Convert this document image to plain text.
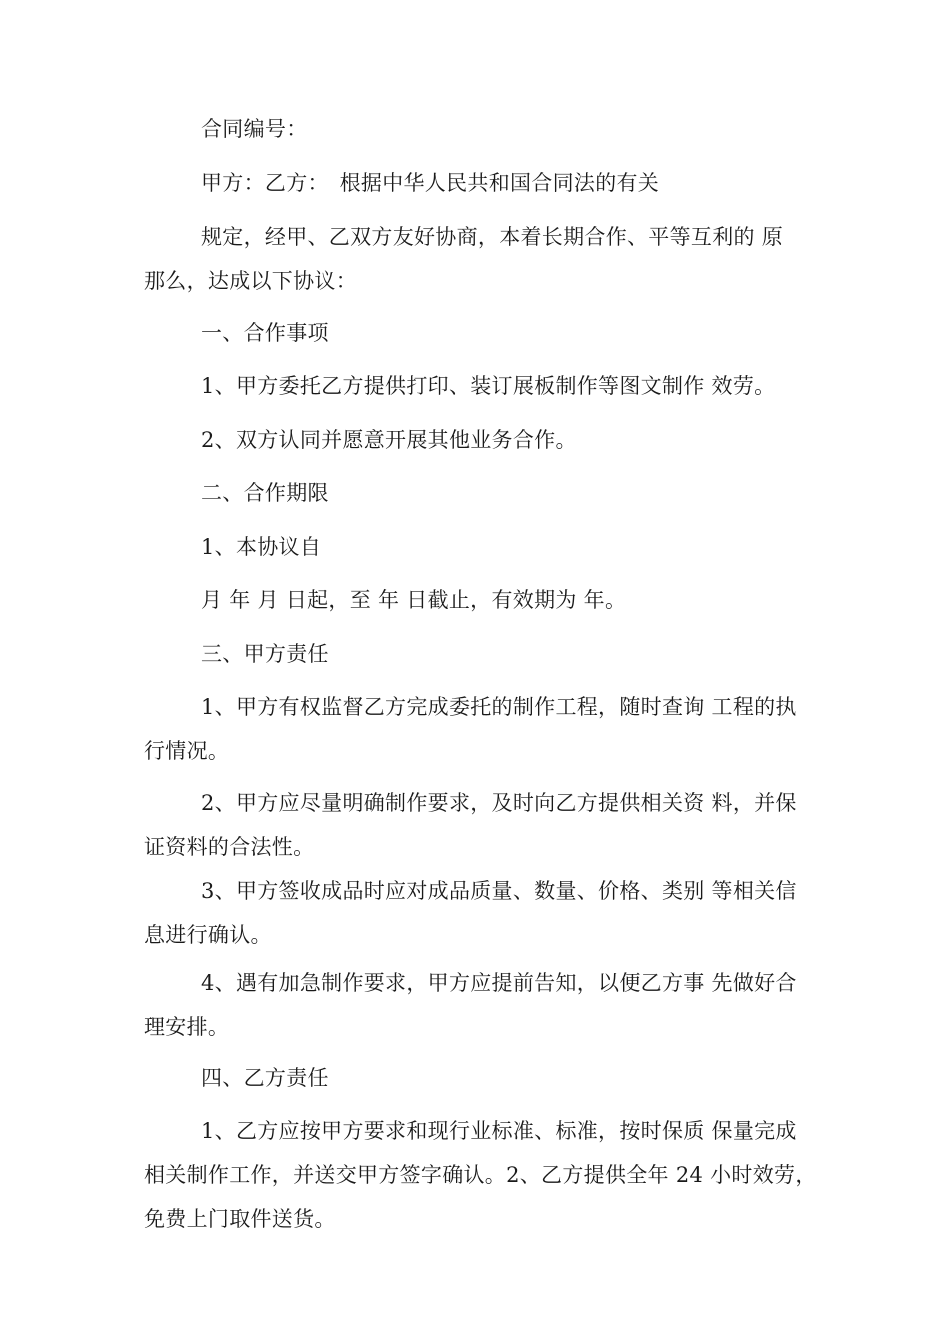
合同编号：
甲方：乙方：　根据中华人民共和国合同法的有关
规定，经甲、乙双方友好协商，本着长期合作、平等互利的 原
那么，达成以下协议：
一、合作事项
1、甲方委托乙方提供打印、装订展板制作等图文制作 效劳。
2、双方认同并愿意开展其他业务合作。
二、合作期限
1、本协议自
月 年 月 日起，至 年 日截止，有效期为 年。
三、甲方责任
1、甲方有权监督乙方完成委托的制作工程，随时查询 工程的执
行情况。
2、甲方应尽量明确制作要求，及时向乙方提供相关资 料，并保
证资料的合法性。
3、甲方签收成品时应对成品质量、数量、价格、类别 等相关信
息进行确认。
4、遇有加急制作要求，甲方应提前告知，以便乙方事 先做好合
理安排。
四、乙方责任
1、乙方应按甲方要求和现行业标准、标准，按时保质 保量完成
相关制作工作，并送交甲方签字确认。2、乙方提供全年 24 小时效劳，
免费上门取件送货。
